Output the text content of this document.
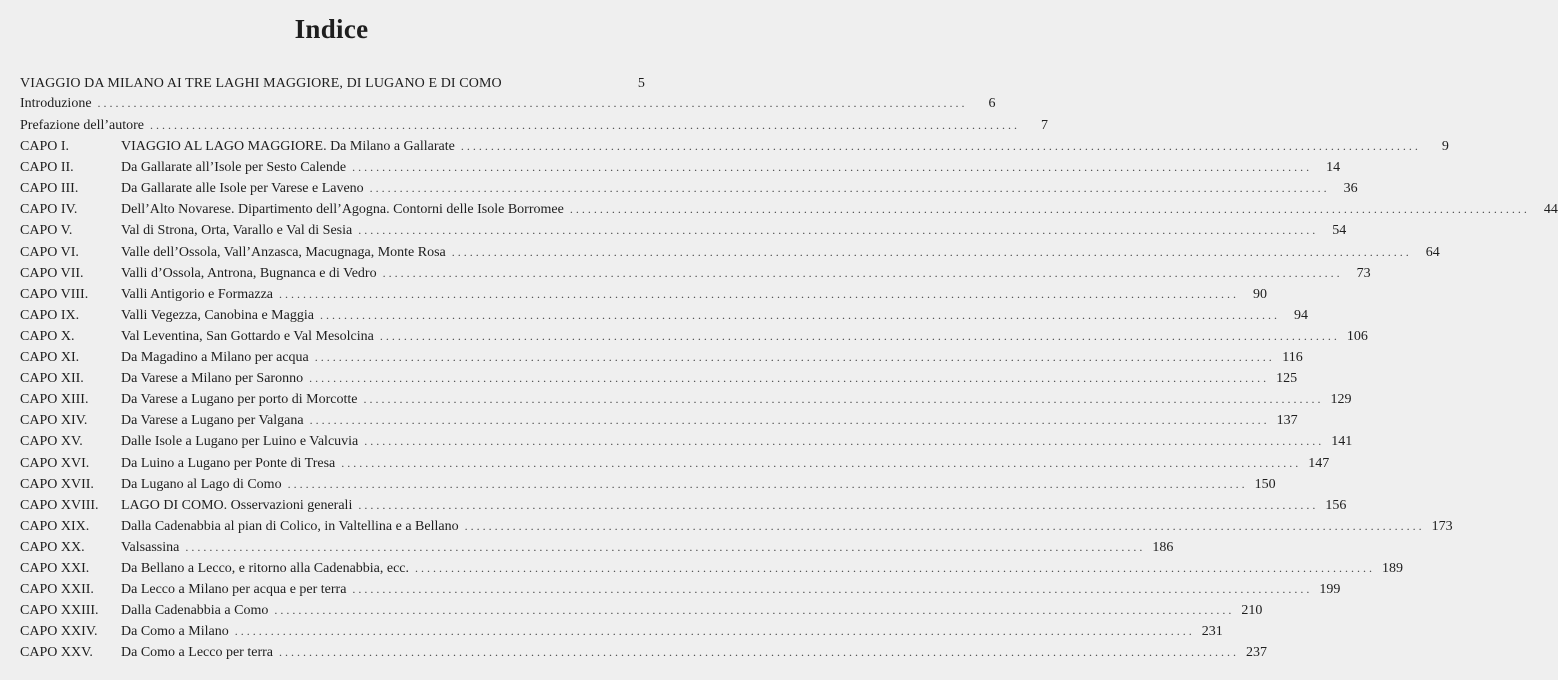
Indice
VIAGGIO DA MILANO AI TRE LAGHI MAGGIORE, DI LUGANO E DI COMO	5
Introduzione .................................................................................................................................................	6
Prefazione dell’autore .................................................................................................................................................	7
CAPO I.	VIAGGIO AL LAGO MAGGIORE. Da Milano a Gallarate ................................................................................................................................................................	9
CAPO II.	Da Gallarate all’Isole per Sesto Calende ................................................................................................................................................................	14
CAPO III.	Da Gallarate alle Isole per Varese e Laveno ................................................................................................................................................................	36
CAPO IV.	Dell’Alto Novarese. Dipartimento dell’Agogna. Contorni delle Isole Borromee ................................................................................................................................................................	44
CAPO V.	Val di Strona, Orta, Varallo e Val di Sesia ................................................................................................................................................................	54
CAPO VI.	Valle dell’Ossola, Vall’Anzasca, Macugnaga, Monte Rosa ................................................................................................................................................................	64
CAPO VII.	Valli d’Ossola, Antrona, Bugnanca e di Vedro ................................................................................................................................................................	73
CAPO VIII.	Valli Antigorio e Formazza ................................................................................................................................................................	90
CAPO IX.	Valli Vegezza, Canobina e Maggia ................................................................................................................................................................	94
CAPO X.	Val Leventina, San Gottardo e Val Mesolcina ................................................................................................................................................................ 106
CAPO XI.	Da Magadino a Milano per acqua ................................................................................................................................................................ 116
CAPO XII.	Da Varese a Milano per Saronno ................................................................................................................................................................ 125
CAPO XIII.	Da Varese a Lugano per porto di Morcotte ................................................................................................................................................................ 129
CAPO XIV.	Da Varese a Lugano per Valgana ................................................................................................................................................................ 137
CAPO XV.	Dalle Isole a Lugano per Luino e Valcuvia ................................................................................................................................................................ 141
CAPO XVI.	Da Luino a Lugano per Ponte di Tresa ................................................................................................................................................................ 147
CAPO XVII.	Da Lugano al Lago di Como ................................................................................................................................................................ 150
CAPO XVIII.	LAGO DI COMO. Osservazioni generali ................................................................................................................................................................ 156
CAPO XIX.	Dalla Cadenabbia al pian di Colico, in Valtellina e a Bellano ................................................................................................................................................................ 173
CAPO XX.	Valsassina ................................................................................................................................................................ 186
CAPO XXI.	Da Bellano a Lecco, e ritorno alla Cadenabbia, ecc. ................................................................................................................................................................ 189
CAPO XXII.	Da Lecco a Milano per acqua e per terra ................................................................................................................................................................ 199
CAPO XXIII.	Dalla Cadenabbia a Como ................................................................................................................................................................ 210
CAPO XXIV.	Da Como a Milano ................................................................................................................................................................ 231
CAPO XXV.	Da Como a Lecco per terra ................................................................................................................................................................ 237
